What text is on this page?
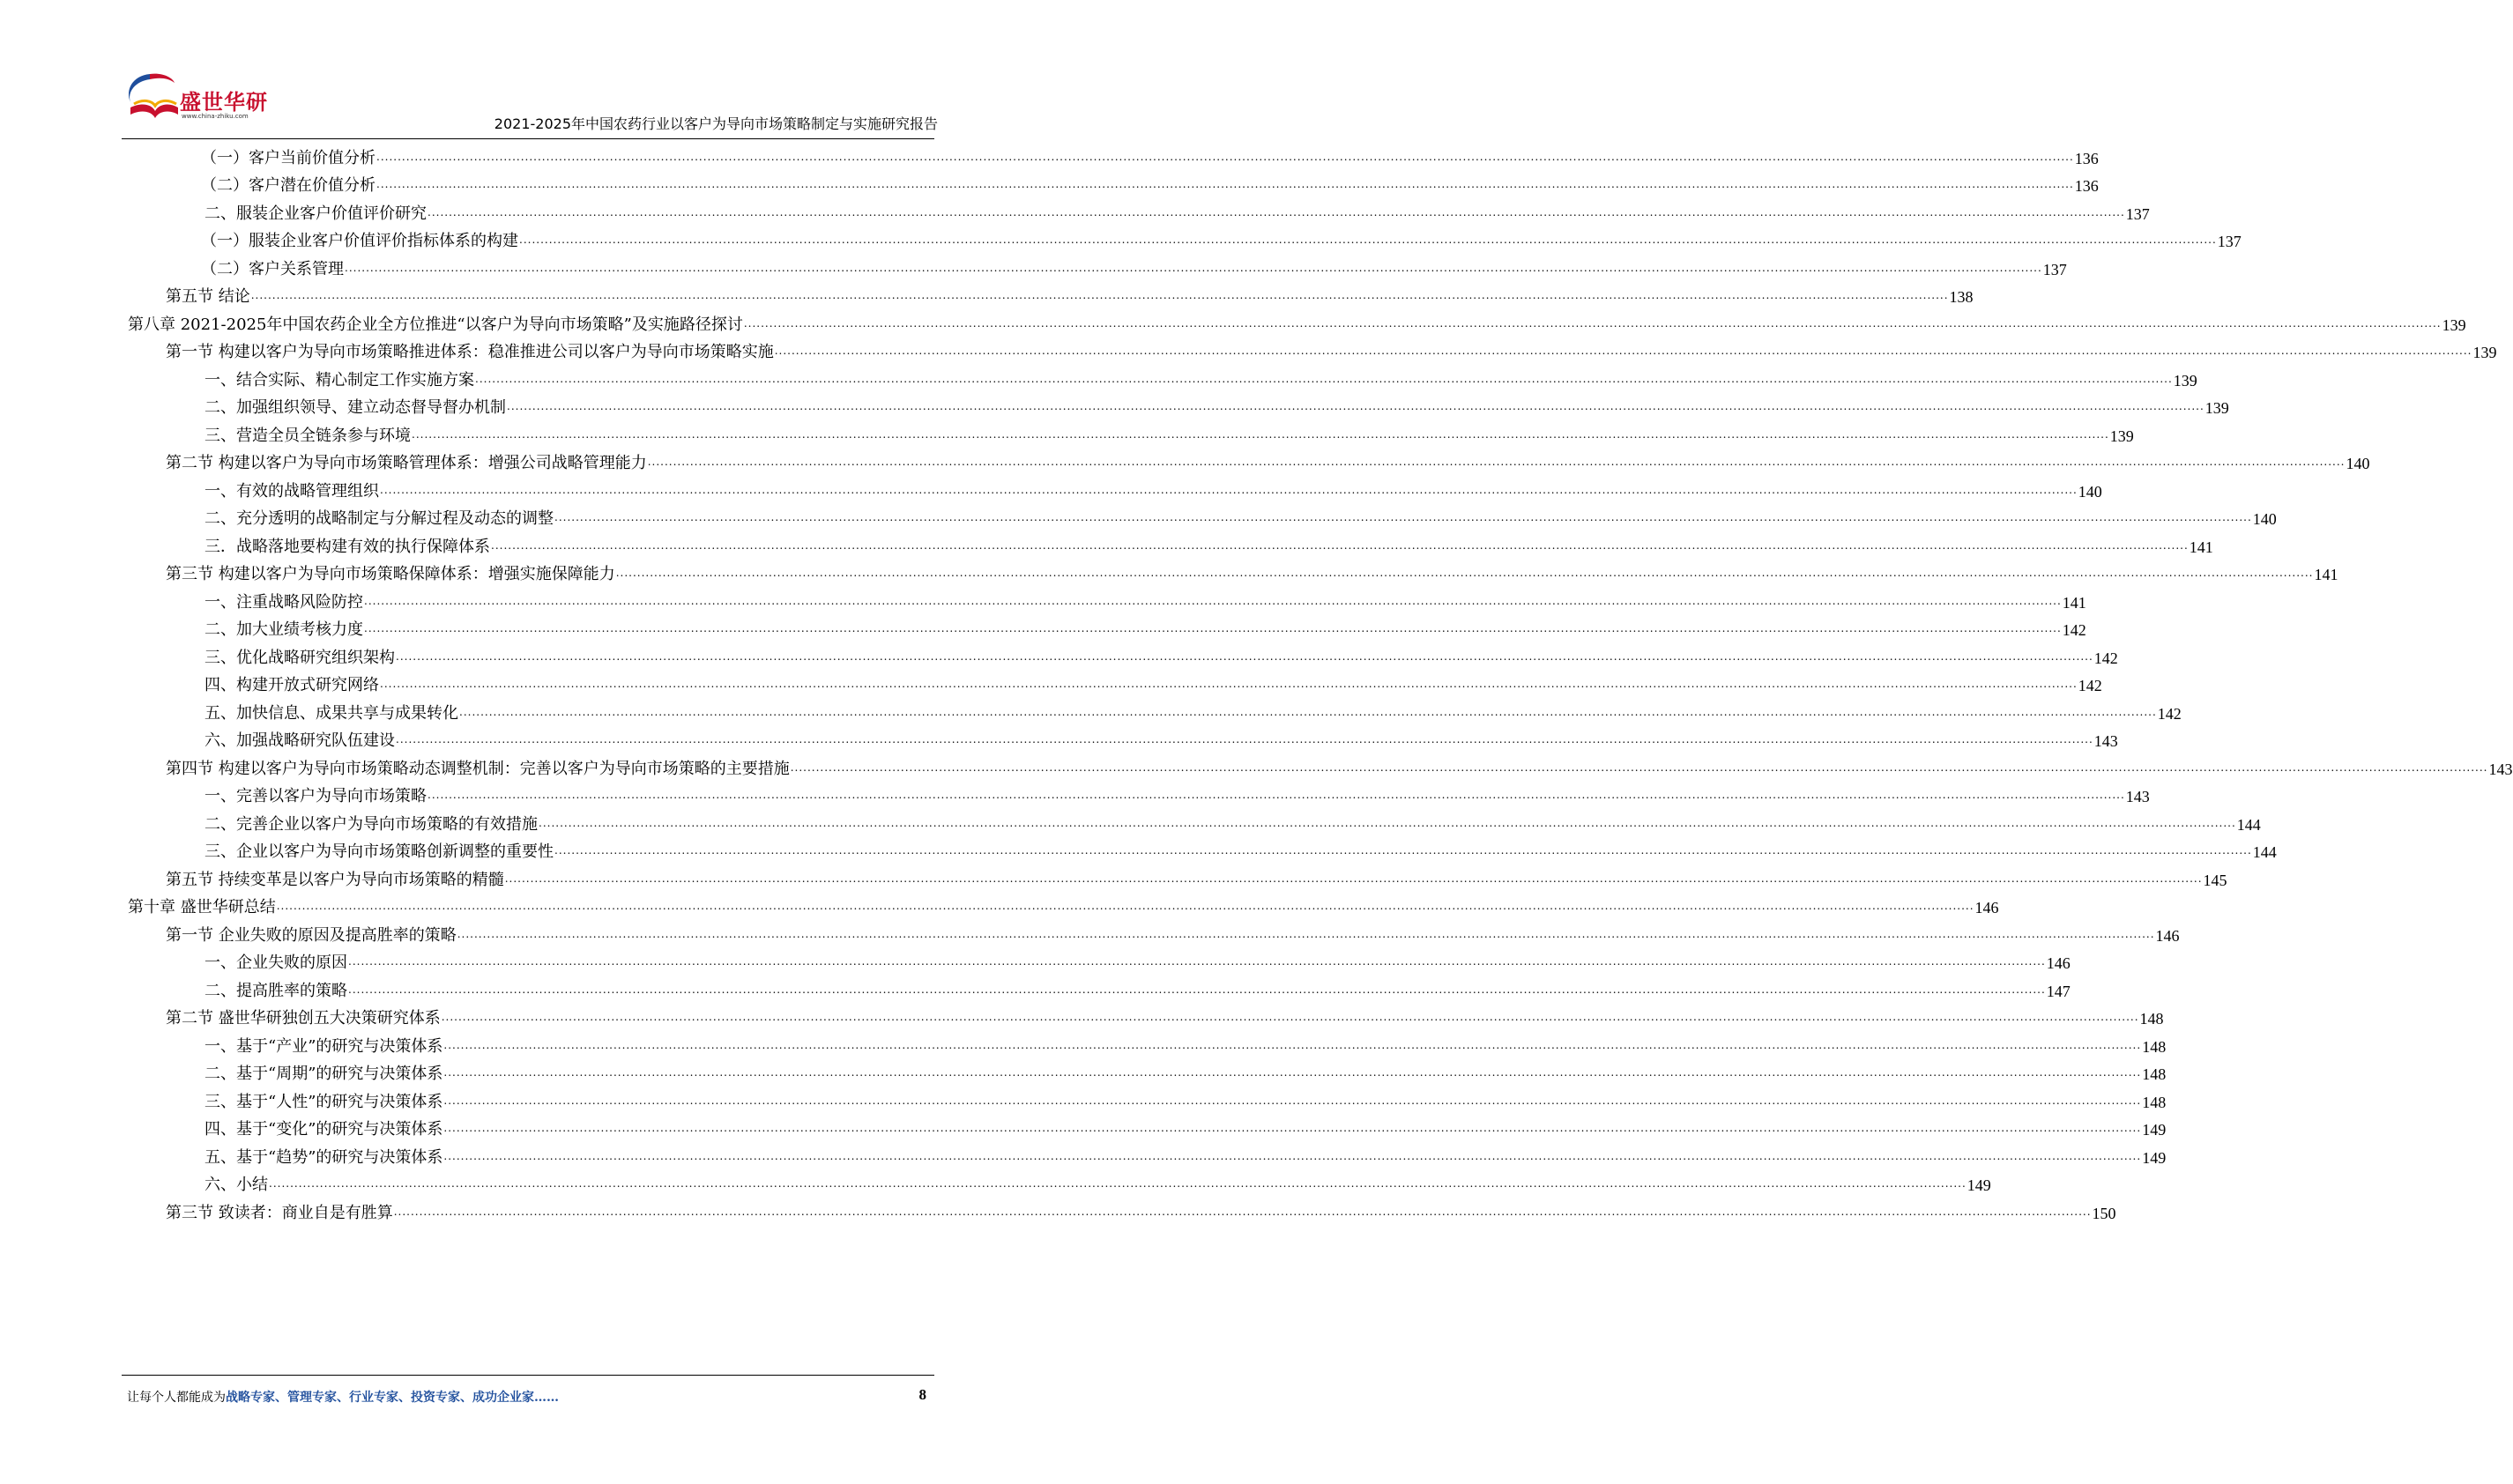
盛世华研
www.china-zhiku.com	2021-2025年中国农药行业以客户为导向市场策略制定与实施研究报告
（一）客户当前价值分析 ................................................................................................................................................................................................................................................................................................................................................................................................................ 136
（二）客户潜在价值分析 ................................................................................................................................................................................................................................................................................................................................................................................................................ 136
二、服装企业客户价值评价研究 ................................................................................................................................................................................................................................................................................................................................................................................................................ 137
（一）服装企业客户价值评价指标体系的构建 ................................................................................................................................................................................................................................................................................................................................................................................................................ 137
（二）客户关系管理 ................................................................................................................................................................................................................................................................................................................................................................................................................ 137
第五节 结论 ................................................................................................................................................................................................................................................................................................................................................................................................................ 138
第八章 2021-2025年中国农药企业全方位推进“以客户为导向市场策略”及实施路径探讨 ................................................................................................................................................................................................................................................................................................................................................................................................................ 139
第一节 构建以客户为导向市场策略推进体系：稳准推进公司以客户为导向市场策略实施 ................................................................................................................................................................................................................................................................................................................................................................................................................ 139
一、结合实际、精心制定工作实施方案 ................................................................................................................................................................................................................................................................................................................................................................................................................ 139
二、加强组织领导、建立动态督导督办机制 ................................................................................................................................................................................................................................................................................................................................................................................................................ 139
三、营造全员全链条参与环境 ................................................................................................................................................................................................................................................................................................................................................................................................................ 139
第二节 构建以客户为导向市场策略管理体系：增强公司战略管理能力 ................................................................................................................................................................................................................................................................................................................................................................................................................ 140
一、有效的战略管理组织 ................................................................................................................................................................................................................................................................................................................................................................................................................ 140
二、充分透明的战略制定与分解过程及动态的调整 ................................................................................................................................................................................................................................................................................................................................................................................................................ 140
三．战略落地要构建有效的执行保障体系 ................................................................................................................................................................................................................................................................................................................................................................................................................ 141
第三节 构建以客户为导向市场策略保障体系：增强实施保障能力 ................................................................................................................................................................................................................................................................................................................................................................................................................ 141
一、注重战略风险防控 ................................................................................................................................................................................................................................................................................................................................................................................................................ 141
二、加大业绩考核力度 ................................................................................................................................................................................................................................................................................................................................................................................................................ 142
三、优化战略研究组织架构 ................................................................................................................................................................................................................................................................................................................................................................................................................ 142
四、构建开放式研究网络 ................................................................................................................................................................................................................................................................................................................................................................................................................ 142
五、加快信息、成果共享与成果转化 ................................................................................................................................................................................................................................................................................................................................................................................................................ 142
六、加强战略研究队伍建设 ................................................................................................................................................................................................................................................................................................................................................................................................................ 143
第四节 构建以客户为导向市场策略动态调整机制：完善以客户为导向市场策略的主要措施 ................................................................................................................................................................................................................................................................................................................................................................................................................ 143
一、完善以客户为导向市场策略 ................................................................................................................................................................................................................................................................................................................................................................................................................ 143
二、完善企业以客户为导向市场策略的有效措施 ................................................................................................................................................................................................................................................................................................................................................................................................................ 144
三、企业以客户为导向市场策略创新调整的重要性 ................................................................................................................................................................................................................................................................................................................................................................................................................ 144
第五节 持续变革是以客户为导向市场策略的精髓 ................................................................................................................................................................................................................................................................................................................................................................................................................ 145
第十章 盛世华研总结 ................................................................................................................................................................................................................................................................................................................................................................................................................ 146
第一节 企业失败的原因及提高胜率的策略 ................................................................................................................................................................................................................................................................................................................................................................................................................ 146
一、企业失败的原因 ................................................................................................................................................................................................................................................................................................................................................................................................................ 146
二、提高胜率的策略 ................................................................................................................................................................................................................................................................................................................................................................................................................ 147
第二节 盛世华研独创五大决策研究体系 ................................................................................................................................................................................................................................................................................................................................................................................................................ 148
一、基于“产业”的研究与决策体系 ................................................................................................................................................................................................................................................................................................................................................................................................................ 148
二、基于“周期”的研究与决策体系 ................................................................................................................................................................................................................................................................................................................................................................................................................ 148
三、基于“人性”的研究与决策体系 ................................................................................................................................................................................................................................................................................................................................................................................................................ 148
四、基于“变化”的研究与决策体系 ................................................................................................................................................................................................................................................................................................................................................................................................................ 149
五、基于“趋势”的研究与决策体系 ................................................................................................................................................................................................................................................................................................................................................................................................................ 149
六、小结 ................................................................................................................................................................................................................................................................................................................................................................................................................ 149
第三节 致读者：商业自是有胜算 ................................................................................................................................................................................................................................................................................................................................................................................................................ 150
让每个人都能成为战略专家、管理专家、行业专家、投资专家、成功企业家……	8
